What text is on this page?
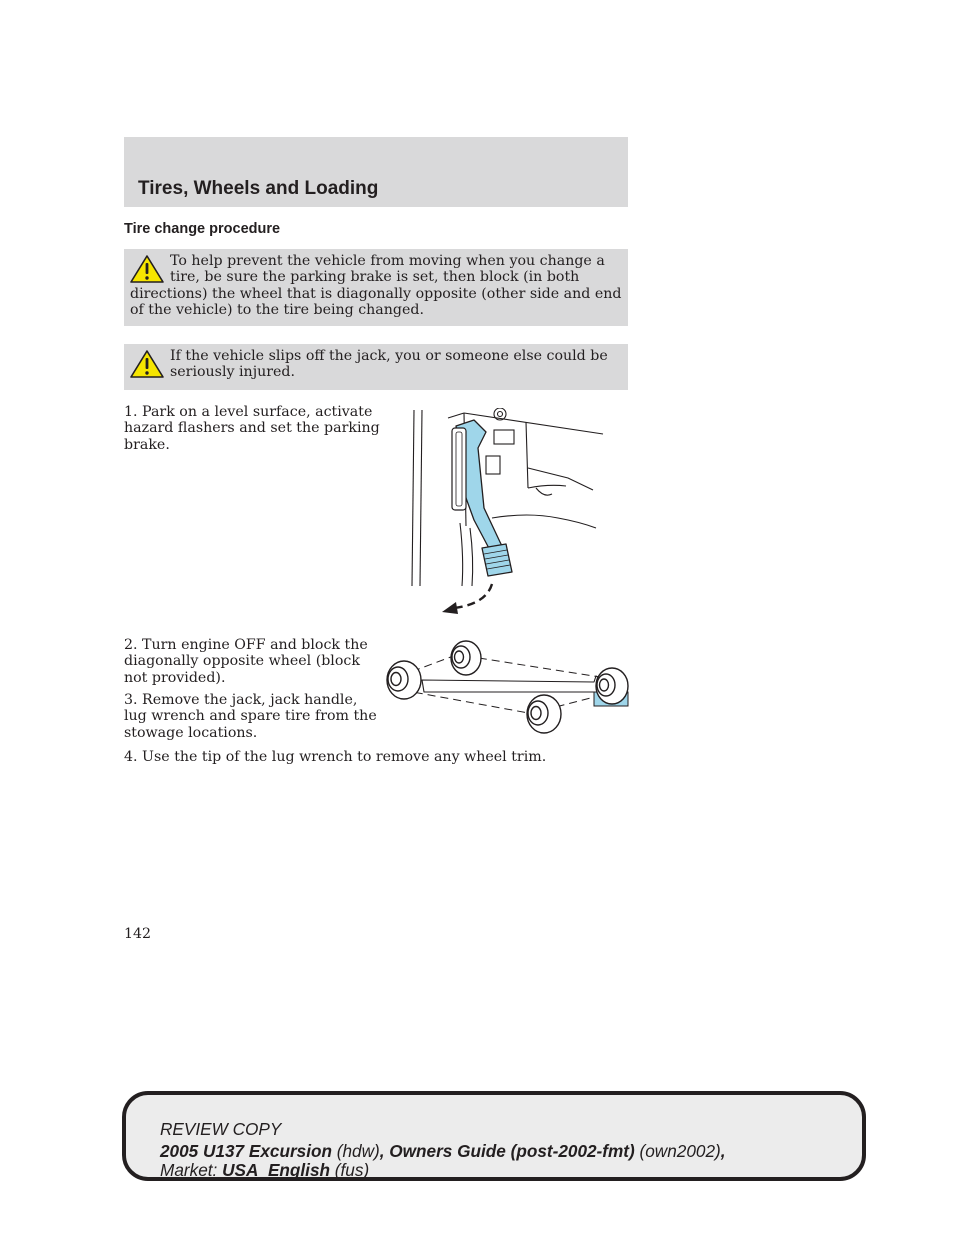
Tires, Wheels and Loading
Tire change procedure
To help prevent the vehicle from moving when you change a tire, be sure the parking brake is set, then block (in both directions) the wheel that is diagonally opposite (other side and end of the vehicle) to the tire being changed.
If the vehicle slips off the jack, you or someone else could be seriously injured.
1. Park on a level surface, activate hazard flashers and set the parking brake.
2. Turn engine OFF and block the diagonally opposite wheel (block not provided).
3. Remove the jack, jack handle, lug wrench and spare tire from the stowage locations.
4. Use the tip of the lug wrench to remove any wheel trim.
142
REVIEW COPY
2005 U137 Excursion (hdw), Owners Guide (post-2002-fmt) (own2002),
Market: USA_English (fus)
